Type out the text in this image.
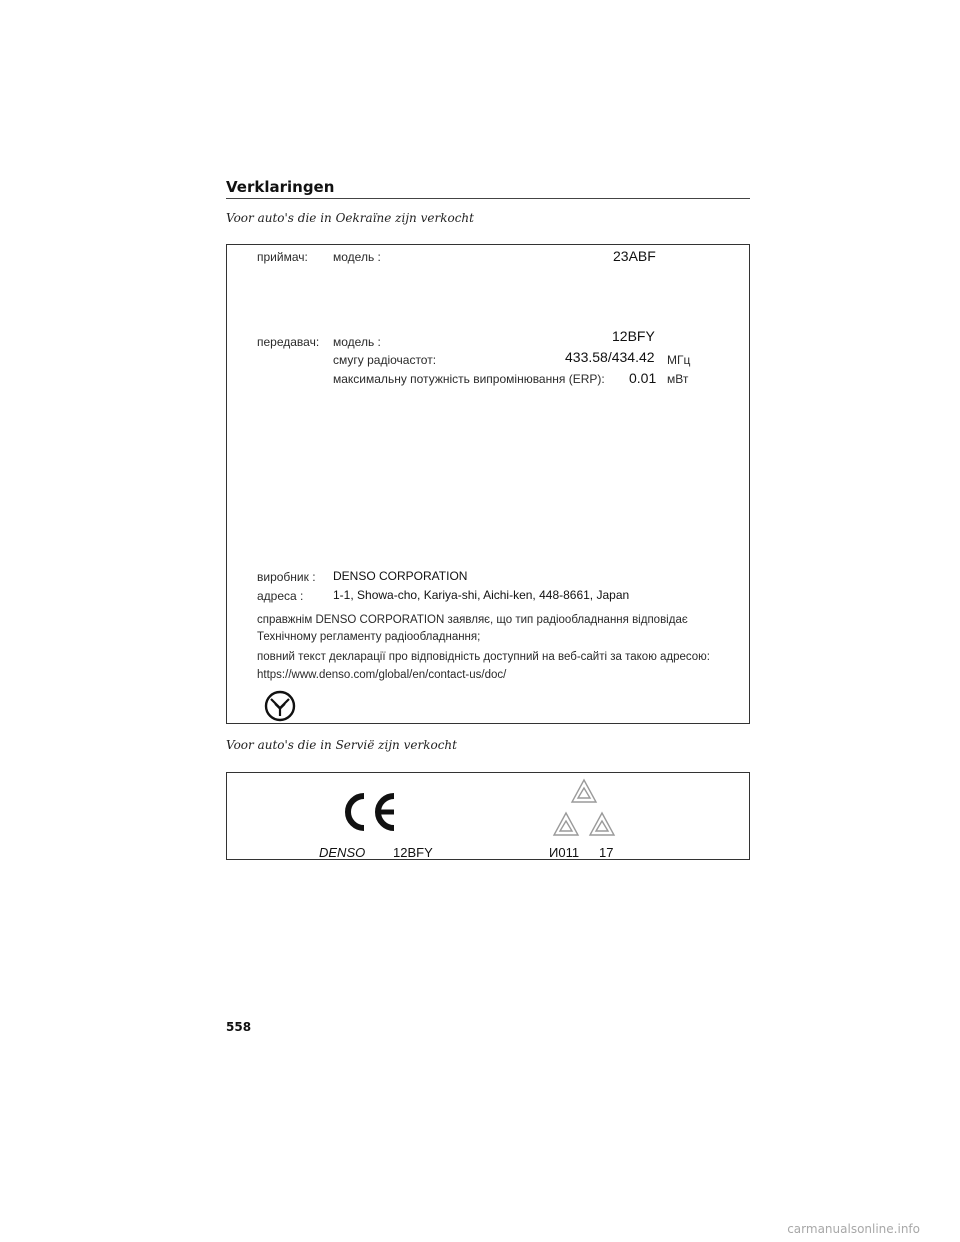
Verklaringen
Voor auto's die in Oekraïne zijn verkocht
приймач: модель :	23ABF
передавач: модель :	12BFY
смугу радіочастот:	433.58/434.42 МГц
максимальну потужність випромінювання (ERP): 0.01 мВт
виробник : DENSO CORPORATION
адреса : 1-1, Showa-cho, Kariya-shi, Aichi-ken, 448-8661, Japan
справжнім DENSO CORPORATION заявляє, що тип радіообладнання відповідає
Технічному регламенту радіообладнання;
повний текст декларації про відповідність доступний на веб-сайті за такою адресою:
https://www.denso.com/global/en/contact-us/doc/
Voor auto's die in Servië zijn verkocht
DENSO 12BFY	И011 17
558
carmanualsonline.info
